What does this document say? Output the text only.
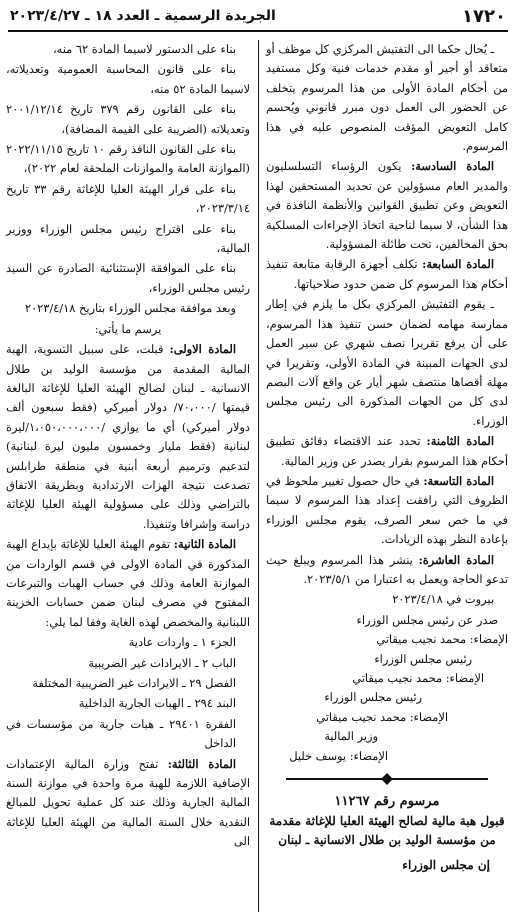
١٧٢٠
الجريدة الرسمية ـ العدد ١٨ ـ ٢٠٢٣/٤/٢٧

ـ يُحال حكما الى التفتيش المركزي كل موظف أو متعاقد أو أجير أو مقدم خدمات فنية وكل مستفيد من أحكام المادة الأولى من هذا المرسوم يتخلف عن الحضور الى العمل دون مبرر قانوني ويُحسم كامل التعويض المؤقت المنصوص عليه في هذا المرسوم.

المادة السادسة: يكون الرؤساء التسلسليون والمدير العام مسؤولين عن تحديد المستحقين لهذا التعويض وعن تطبيق القوانين والأنظمة النافذة في هذا الشأن، لا سيما لناحية اتخاذ الإجراءات المسلكية بحق المخالفين، تحت طائلة المسؤولية.

المادة السابعة: تكلف أجهزة الرقابة متابعة تنفيذ أحكام هذا المرسوم كل ضمن حدود صلاحياتها.

ـ يقوم التفتيش المركزي بكل ما يلزم في إطار ممارسة مهامه لضمان حسن تنفيذ هذا المرسوم، على أن يرفع تقريرا نصف شهري عن سير العمل لدى الجهات المبينة في المادة الأولى، وتقريرا في مهلة أقصاها منتصف شهر أيار عن واقع آلات البصم لدى كل من الجهات المذكورة الى رئيس مجلس الوزراء.

المادة الثامنة: تحدد عند الاقتضاء دقائق تطبيق أحكام هذا المرسوم بقرار يصدر عن وزير المالية.

المادة التاسعة: في حال حصول تغيير ملحوظ في الظروف التي رافقت إعداد هذا المرسوم لا سيما في ما خص سعر الصرف، يقوم مجلس الوزراء بإعادة النظر بهذه الزيادات.

المادة العاشرة: ينشر هذا المرسوم ويبلغ حيث تدعو الحاجة ويعمل به اعتبارا من ٢٠٢٣/٥/١.

بيروت في ٢٠٢٣/٤/١٨

صدر عن رئيس مجلس الوزراء

الإمضاء: محمد نجيب ميقاتي

رئيس مجلس الوزراء

الإمضاء: محمد نجيب ميقاتي

رئيس مجلس الوزراء

الإمضاء: محمد نجيب ميقاتي

وزير المالية

الإمضاء: يوسف خليل

مرسوم رقم ١١٢٦٧

قبول هبة مالية لصالح الهيئة العليا للإغاثة مقدمة من مؤسسة الوليد بن طلال الانسانية ـ لبنان

إن مجلس الوزراء

بناء على الدستور لاسيما المادة ٦٢ منه،

بناء على قانون المحاسبة العمومية وتعديلاته، لاسيما المادة ٥٢ منه،

بناء على القانون رقم ٣٧٩ تاريخ ٢٠٠١/١٢/١٤ وتعديلاته (الضريبة على القيمة المضافة)،

بناء على القانون النافذ رقم ١٠ تاريخ ٢٠٢٢/١١/١٥ (الموازنة العامة والموازنات الملحقة لعام ٢٠٢٢)،

بناء على قرار الهيئة العليا للإغاثة رقم ٣٣ تاريخ ٢٠٢٣/٣/١٤،

بناء على اقتراح رئيس مجلس الوزراء ووزير المالية،

بناء على الموافقة الإستثنائية الصادرة عن السيد رئيس مجلس الوزراء،

وبعد موافقة مجلس الوزراء بتاريخ ٢٠٢٣/٤/١٨

يرسم ما يأتي:

المادة الاولى: قبلت، على سبيل التسوية، الهبة المالية المقدمة من مؤسسة الوليد بن طلال الانسانية ـ لبنان لصالح الهيئة العليا للإغاثة البالغة قيمتها /٧٠،٠٠٠/ دولار أميركي (فقط سبعون ألف دولار أميركي) أي ما يوازي /١،٠٥٠،٠٠٠،٠٠٠/ليرة لبنانية (فقط مليار وخمسون مليون ليرة لبنانية) لتدعيم وترميم أربعة أبنية في منطقة طرابلس تصدعت نتيجة الهزات الارتدادية وبطريقة الاتفاق بالتراضي وذلك على مسؤولية الهيئة العليا للإغاثة دراسة وإشرافا وتنفيذا.

المادة الثانية: تقوم الهيئة العليا للإغاثة بإيداع الهبة المذكورة في المادة الاولى في قسم الواردات من الموازنة العامة وذلك في حساب الهبات والتبرعات المفتوح في مصرف لبنان ضمن حسابات الخزينة اللبنانية والمخصص لهذه الغاية وفقا لما يلي:

الجزء ١ ـ واردات عادية

الباب ٢ ـ الايرادات غير الضريبية

الفصل ٢٩ ـ الايرادات غير الضريبية المختلفة

البند ٢٩٤ ـ الهبات الجارية الداخلية

الفقرة ٢٩٤٠١ ـ هبات جارية من مؤسسات في الداخل

المادة الثالثة: تفتح وزارة المالية الإعتمادات الإضافية اللازمة للهبة مرة واحدة في موازنة السنة المالية الجارية وذلك عند كل عملية تحويل للمبالغ النقدية خلال السنة المالية من الهيئة العليا للإغاثة الى
